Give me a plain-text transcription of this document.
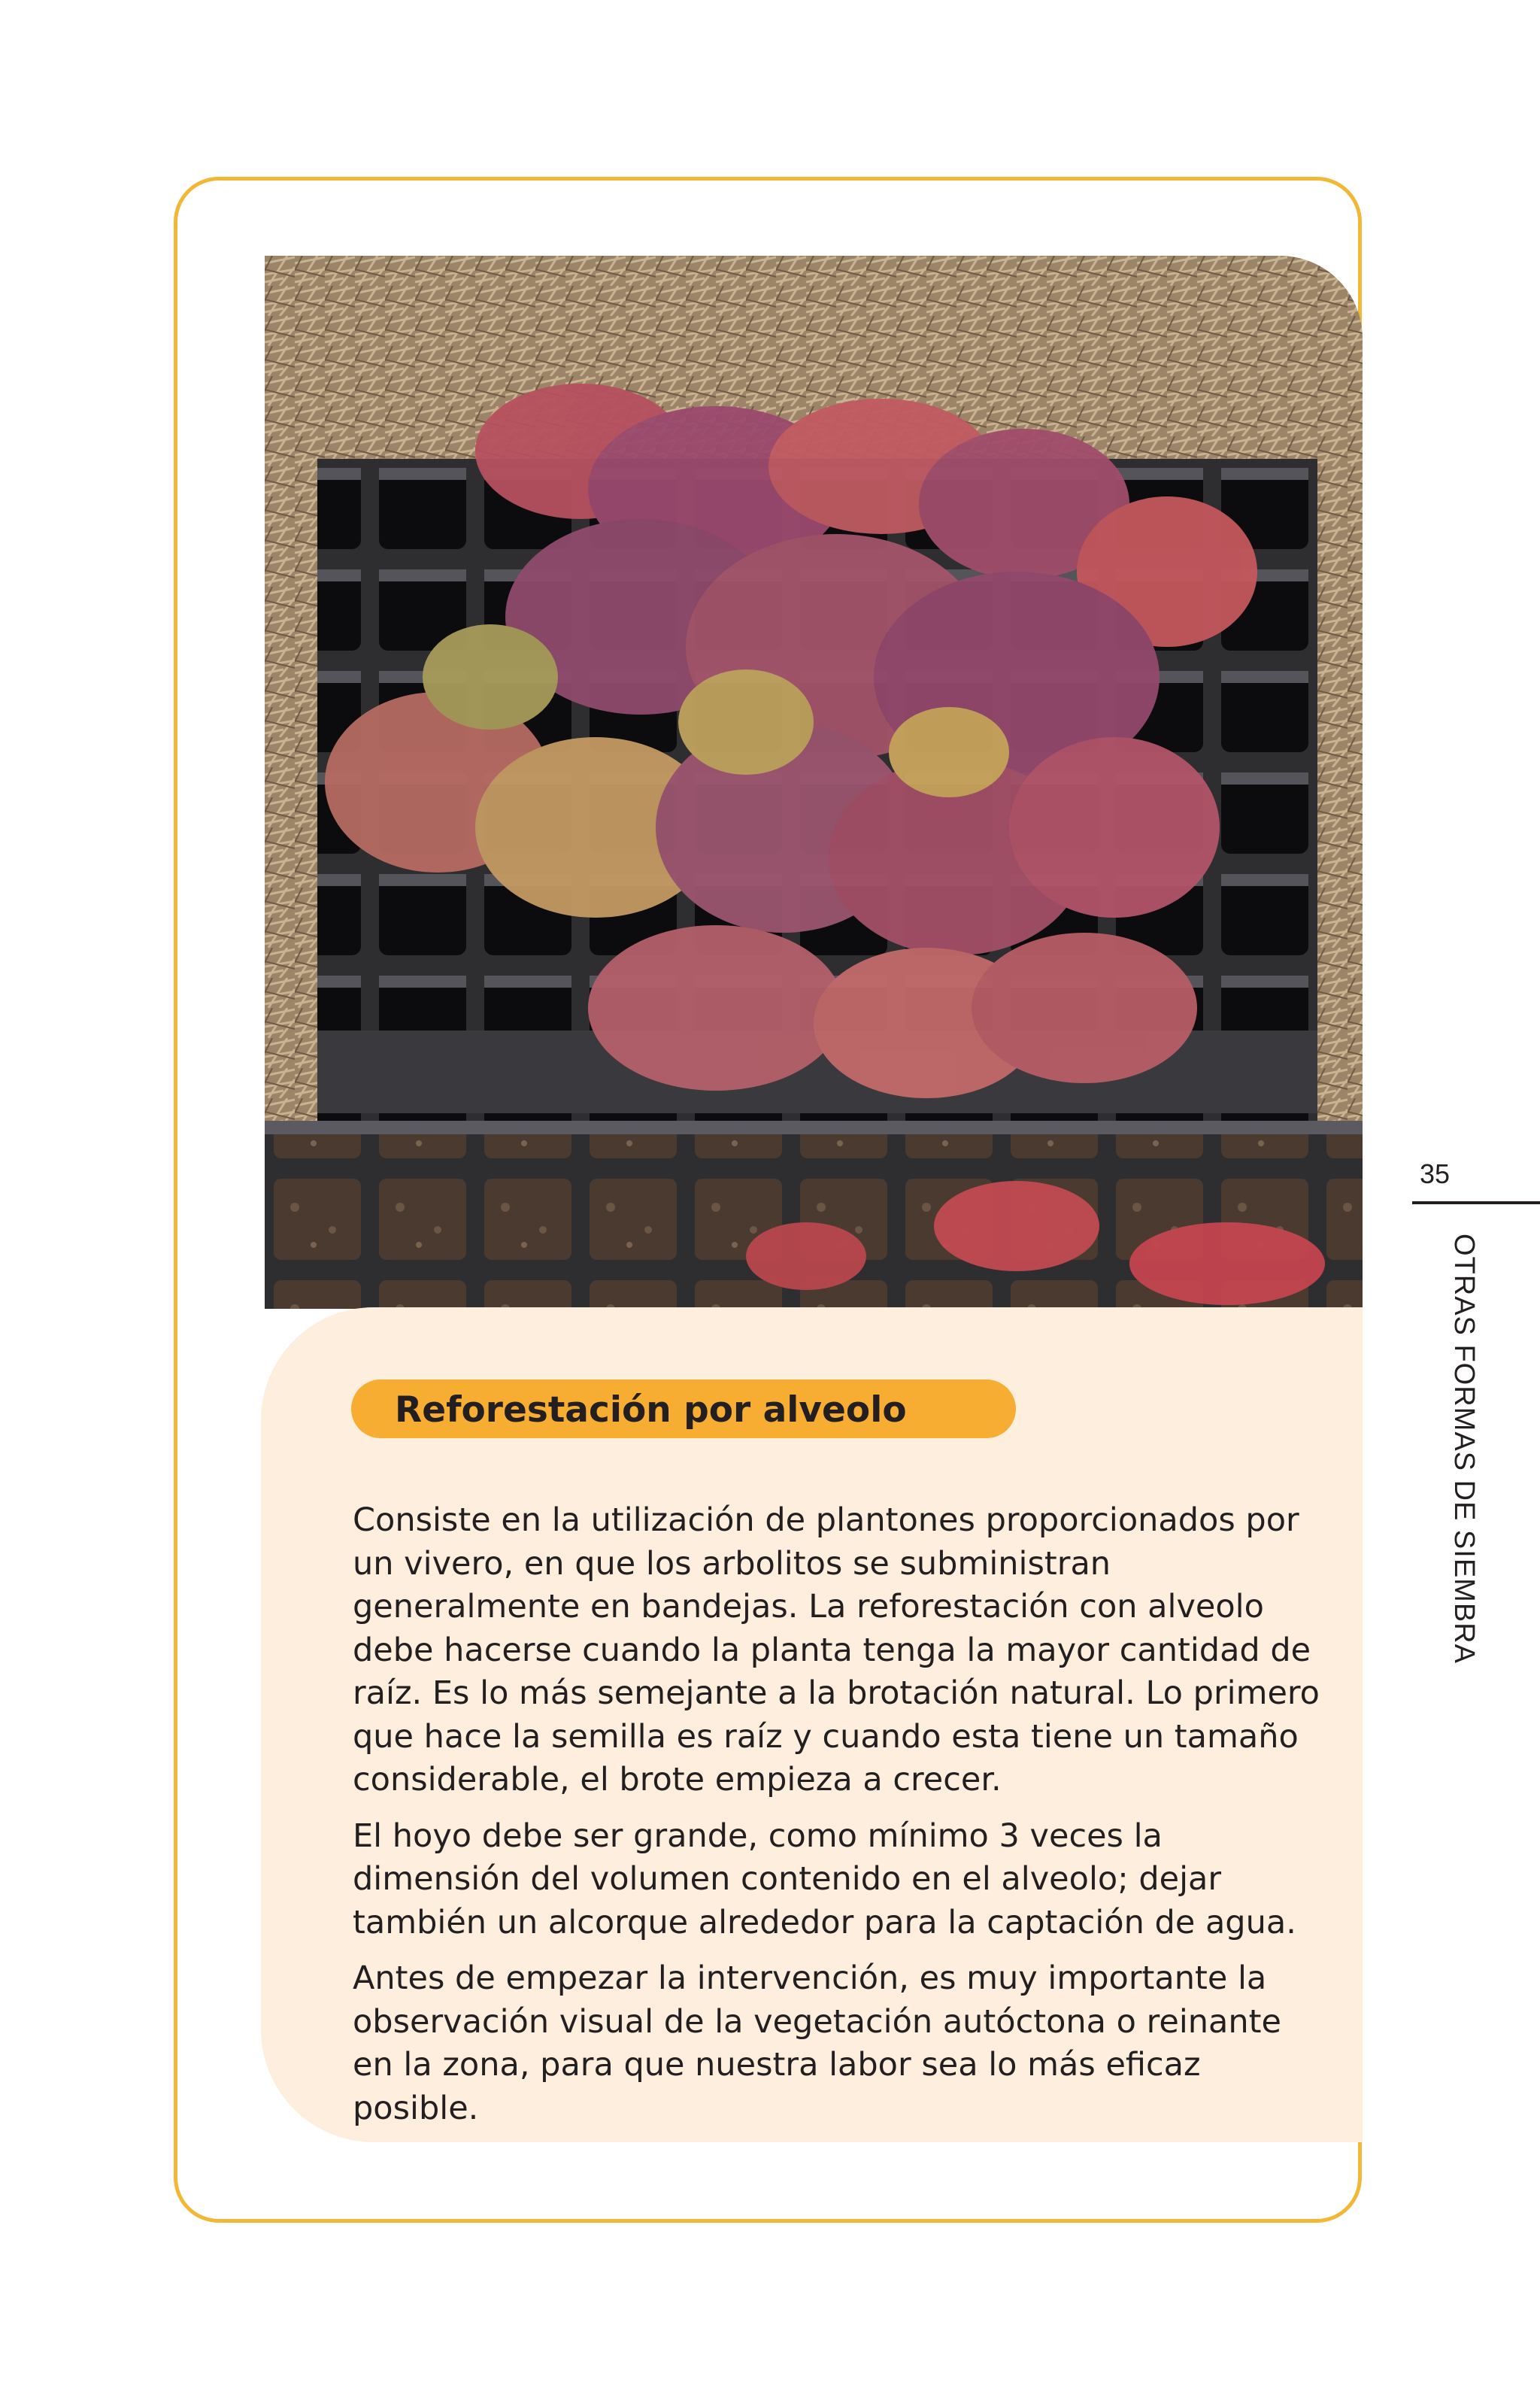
Reforestación por alveolo

Consiste en la utilización de plantones proporcionados por un vivero, en que los arbolitos se subministran generalmente en bandejas. La reforestación con alveolo debe hacerse cuando la planta tenga la mayor cantidad de raíz. Es lo más semejante a la brotación natural. Lo primero que hace la semilla es raíz y cuando esta tiene un tamaño considerable, el brote empieza a crecer.

El hoyo debe ser grande, como mínimo 3 veces la dimensión del volumen contenido en el alveolo; dejar también un alcorque alrededor para la captación de agua.

Antes de empezar la intervención, es muy importante la observación visual de la vegetación autóctona o reinante en la zona, para que nuestra labor sea lo más eficaz posible.

35
OTRAS FORMAS DE SIEMBRA
